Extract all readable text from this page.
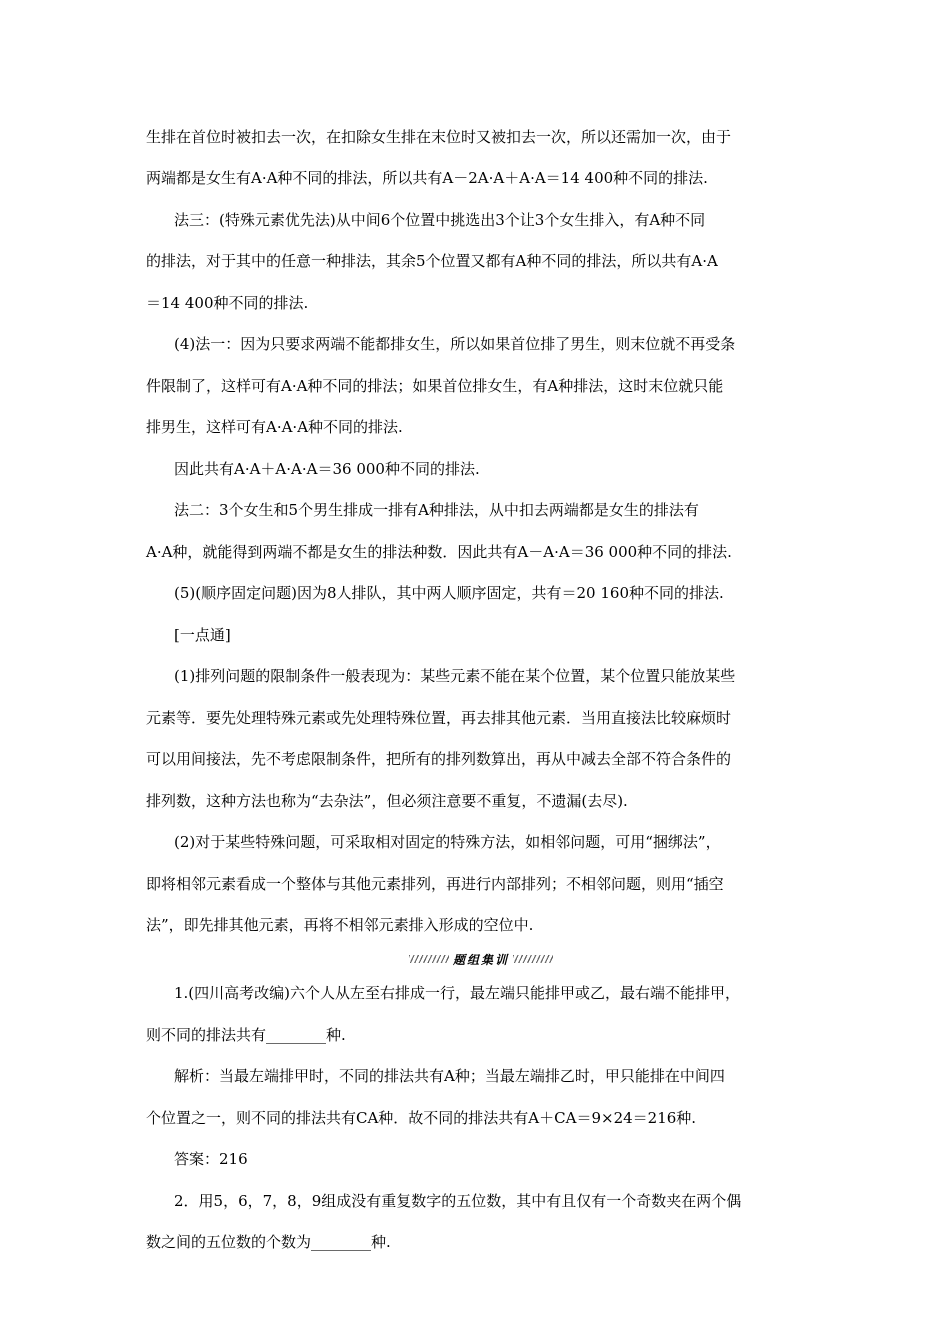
生排在首位时被扣去一次，在扣除女生排在末位时又被扣去一次，所以还需加一次，由于
两端都是女生有A·A种不同的排法，所以共有A－2A·A＋A·A＝14 400种不同的排法.
法三：(特殊元素优先法)从中间6个位置中挑选出3个让3个女生排入，有A种不同
的排法，对于其中的任意一种排法，其余5个位置又都有A种不同的排法，所以共有A·A
＝14 400种不同的排法.
(4)法一：因为只要求两端不能都排女生，所以如果首位排了男生，则末位就不再受条
件限制了，这样可有A·A种不同的排法；如果首位排女生，有A种排法，这时末位就只能
排男生，这样可有A·A·A种不同的排法.
因此共有A·A＋A·A·A＝36 000种不同的排法.
法二：3个女生和5个男生排成一排有A种排法，从中扣去两端都是女生的排法有
A·A种，就能得到两端不都是女生的排法种数．因此共有A－A·A＝36 000种不同的排法.
(5)(顺序固定问题)因为8人排队，其中两人顺序固定，共有＝20 160种不同的排法.
[一点通]
(1)排列问题的限制条件一般表现为：某些元素不能在某个位置，某个位置只能放某些
元素等．要先处理特殊元素或先处理特殊位置，再去排其他元素．当用直接法比较麻烦时
可以用间接法，先不考虑限制条件，把所有的排列数算出，再从中减去全部不符合条件的
排列数，这种方法也称为“去杂法”，但必须注意要不重复，不遗漏(去尽).
(2)对于某些特殊问题，可采取相对固定的特殊方法，如相邻问题，可用“捆绑法”，
即将相邻元素看成一个整体与其他元素排列，再进行内部排列；不相邻问题，则用“插空
法”，即先排其他元素，再将不相邻元素排入形成的空位中.
题组集训
1.(四川高考改编)六个人从左至右排成一行，最左端只能排甲或乙，最右端不能排甲，
则不同的排法共有________种.
解析：当最左端排甲时，不同的排法共有A种；当最左端排乙时，甲只能排在中间四
个位置之一，则不同的排法共有CA种．故不同的排法共有A＋CA＝9×24＝216种.
答案：216
2．用5，6，7，8，9组成没有重复数字的五位数，其中有且仅有一个奇数夹在两个偶
数之间的五位数的个数为________种.
